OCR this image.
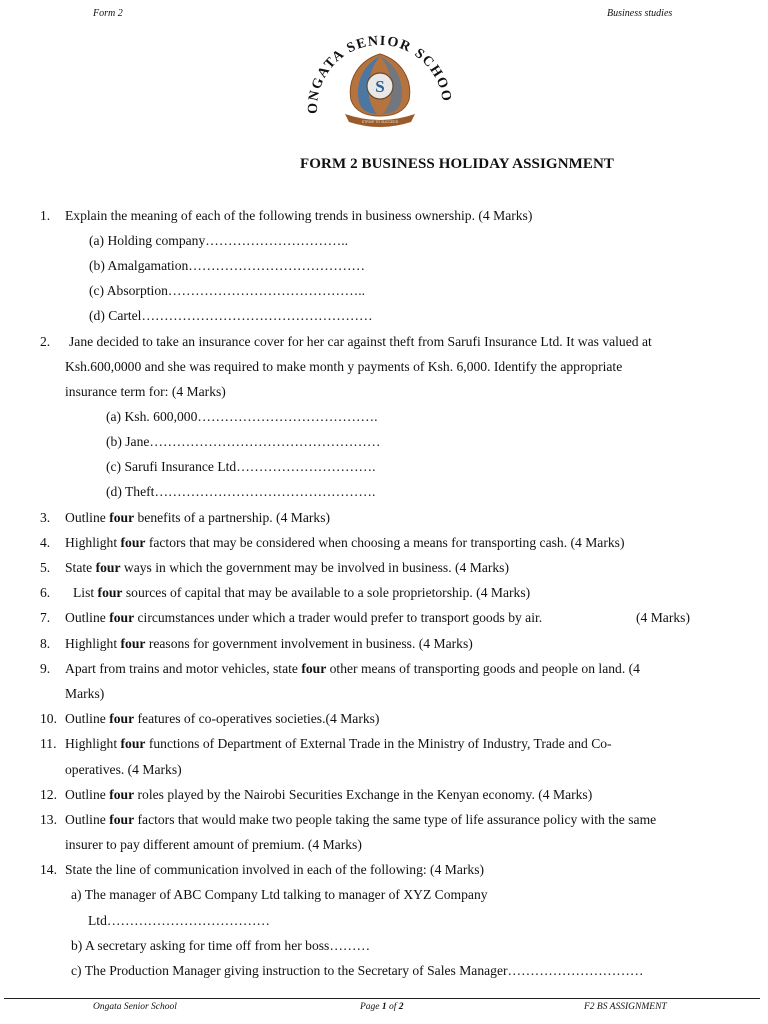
Form 2	Business studies
ONGATA SENIOR SCHOO
S
STRIVE TO SUCCEED
FORM 2 BUSINESS HOLIDAY ASSIGNMENT
1. Explain the meaning of each of the following trends in business ownership. (4 Marks)
(a) Holding company…………………………..
(b) Amalgamation…………………………………
(c) Absorption……………………………………..
(d) Cartel……………………………………………
2. Jane decided to take an insurance cover for her car against theft from Sarufi Insurance Ltd. It was valued at
Ksh.600,0000 and she was required to make month y payments of Ksh. 6,000. Identify the appropriate
insurance term for: (4 Marks)
(a) Ksh. 600,000………………………………….
(b) Jane……………………………………………
(c) Sarufi Insurance Ltd………………………….
(d) Theft………………………………………….
3. Outline four benefits of a partnership. (4 Marks)
4. Highlight four factors that may be considered when choosing a means for transporting cash. (4 Marks)
5. State four ways in which the government may be involved in business. (4 Marks)
6. List four sources of capital that may be available to a sole proprietorship. (4 Marks)
7. Outline four circumstances under which a trader would prefer to transport goods by air.	(4 Marks)
8. Highlight four reasons for government involvement in business. (4 Marks)
9. Apart from trains and motor vehicles, state four other means of transporting goods and people on land. (4
Marks)
10. Outline four features of co-operatives societies.(4 Marks)
11. Highlight four functions of Department of External Trade in the Ministry of Industry, Trade and Co-
operatives. (4 Marks)
12. Outline four roles played by the Nairobi Securities Exchange in the Kenyan economy. (4 Marks)
13. Outline four factors that would make two people taking the same type of life assurance policy with the same
insurer to pay different amount of premium. (4 Marks)
14. State the line of communication involved in each of the following: (4 Marks)
a) The manager of ABC Company Ltd talking to manager of XYZ Company
Ltd………………………………
b) A secretary asking for time off from her boss………
c) The Production Manager giving instruction to the Secretary of Sales Manager…………………………
Ongata Senior School	Page 1 of 2	F2 BS ASSIGNMENT
